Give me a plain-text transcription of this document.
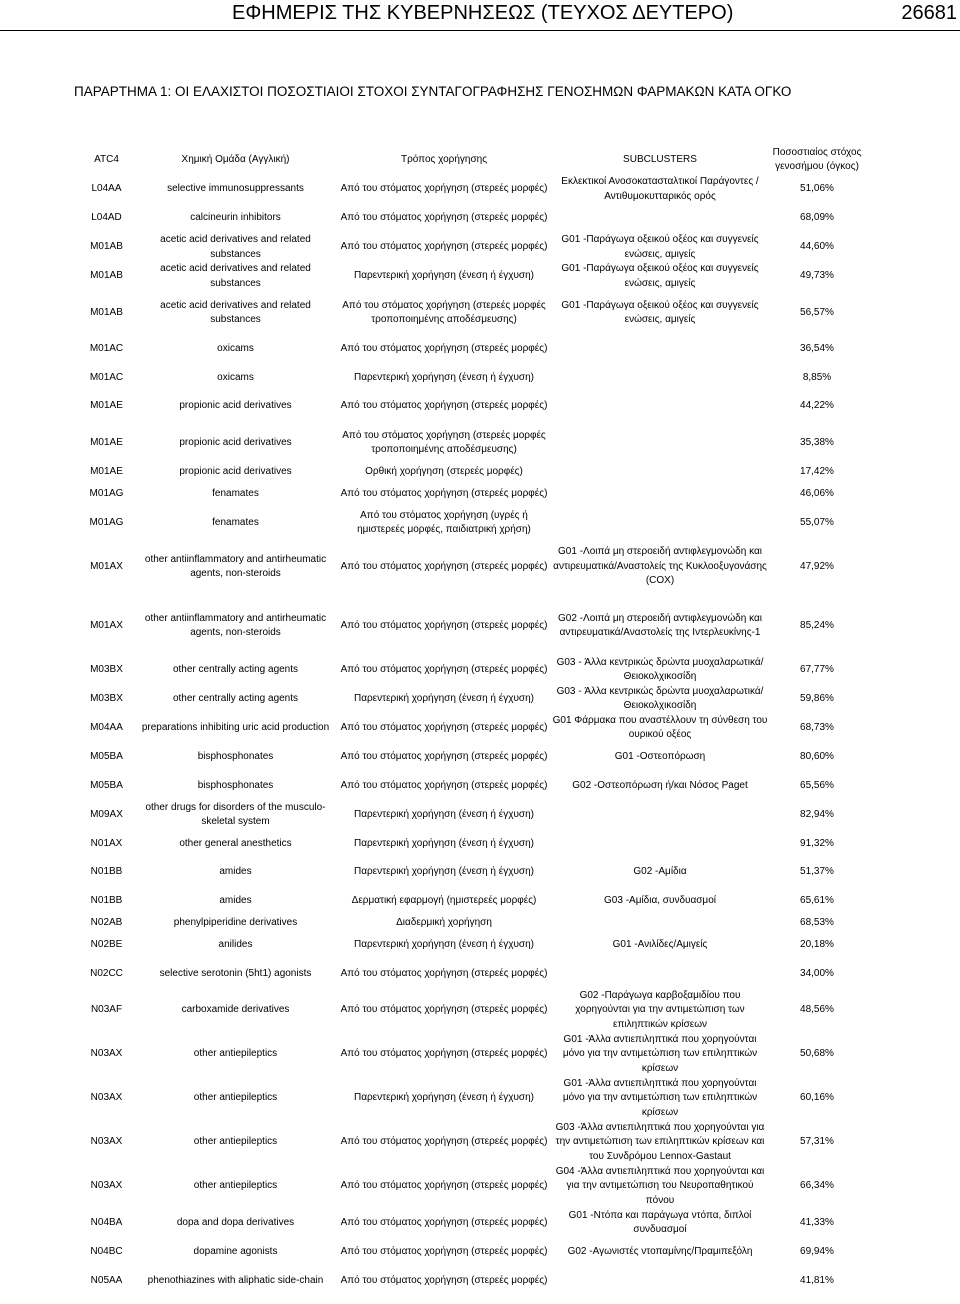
ΕΦΗΜΕΡΙΣ ΤΗΣ ΚΥΒΕΡΝΗΣΕΩΣ (ΤΕΥΧΟΣ ΔΕΥΤΕΡΟ)	26681
ΠΑΡΑΡΤΗΜΑ 1: ΟΙ ΕΛΑΧΙΣΤΟΙ ΠΟΣΟΣΤΙΑΙΟΙ ΣΤΟΧΟΙ ΣΥΝΤΑΓΟΓΡΑΦΗΣΗΣ ΓΕΝΟΣΗΜΩΝ ΦΑΡΜΑΚΩΝ ΚΑΤΑ ΟΓΚΟ
ATC4	Χημική Ομάδα (Αγγλική)	Τρόπος χορήγησης	SUBCLUSTERS	Ποσοστιαίος στόχος γενοσήμου (όγκος)
L04AA	selective immunosuppressants	Από του στόματος χορήγηση (στερεές μορφές)	Εκλεκτικοί Ανοσοκατασταλτικοί Παράγοντες / Αντιθυμοκυτταρικός ορός	51,06%
L04AD	calcineurin inhibitors	Από του στόματος χορήγηση (στερεές μορφές)		68,09%
M01AB	acetic acid derivatives and related substances	Από του στόματος χορήγηση (στερεές μορφές)	G01 -Παράγωγα οξεικού οξέος και συγγενείς ενώσεις, αμιγείς	44,60%
M01AB	acetic acid derivatives and related substances	Παρεντερική χορήγηση (ένεση ή έγχυση)	G01 -Παράγωγα οξεικού οξέος και συγγενείς ενώσεις, αμιγείς	49,73%
M01AB	acetic acid derivatives and related substances	Από του στόματος χορήγηση (στερεές μορφές τροποποιημένης αποδέσμευσης)	G01 -Παράγωγα οξεικού οξέος και συγγενείς ενώσεις, αμιγείς	56,57%
M01AC	oxicams	Από του στόματος χορήγηση (στερεές μορφές)		36,54%
M01AC	oxicams	Παρεντερική χορήγηση (ένεση ή έγχυση)		8,85%
M01AE	propionic acid derivatives	Από του στόματος χορήγηση (στερεές μορφές)		44,22%
M01AE	propionic acid derivatives	Από του στόματος χορήγηση (στερεές μορφές τροποποιημένης αποδέσμευσης)		35,38%
M01AE	propionic acid derivatives	Ορθική χορήγηση (στερεές μορφές)		17,42%
M01AG	fenamates	Από του στόματος χορήγηση (στερεές μορφές)		46,06%
M01AG	fenamates	Από του στόματος χορήγηση (υγρές ή ημιστερεές μορφές, παιδιατρική χρήση)		55,07%
M01AX	other antiinflammatory and antirheumatic agents, non-steroids	Από του στόματος χορήγηση (στερεές μορφές)	G01 -Λοιπά μη στεροειδή αντιφλεγμονώδη και αντιρευματικά/Αναστολείς της Κυκλοοξυγονάσης (COX)	47,92%
M01AX	other antiinflammatory and antirheumatic agents, non-steroids	Από του στόματος χορήγηση (στερεές μορφές)	G02 -Λοιπά μη στεροειδή αντιφλεγμονώδη και αντιρευματικά/Αναστολείς της Ιντερλευκίνης-1	85,24%
M03BX	other centrally acting agents	Από του στόματος χορήγηση (στερεές μορφές)	G03 - Άλλα κεντρικώς δρώντα μυοχαλαρωτικά/Θειοκολχικοσίδη	67,77%
M03BX	other centrally acting agents	Παρεντερική χορήγηση (ένεση ή έγχυση)	G03 - Άλλα κεντρικώς δρώντα μυοχαλαρωτικά/Θειοκολχικοσίδη	59,86%
M04AA	preparations inhibiting uric acid production	Από του στόματος χορήγηση (στερεές μορφές)	G01 Φάρμακα που αναστέλλουν τη σύνθεση του ουρικού οξέος	68,73%
M05BA	bisphosphonates	Από του στόματος χορήγηση (στερεές μορφές)	G01 -Οστεοπόρωση	80,60%
M05BA	bisphosphonates	Από του στόματος χορήγηση (στερεές μορφές)	G02 -Οστεοπόρωση ή/και Νόσος Paget	65,56%
M09AX	other drugs for disorders of the musculo-skeletal system	Παρεντερική χορήγηση (ένεση ή έγχυση)		82,94%
N01AX	other general anesthetics	Παρεντερική χορήγηση (ένεση ή έγχυση)		91,32%
N01BB	amides	Παρεντερική χορήγηση (ένεση ή έγχυση)	G02 -Αμίδια	51,37%
N01BB	amides	Δερματική εφαρμογή (ημιστερεές μορφές)	G03 -Αμίδια, συνδυασμοί	65,61%
N02AB	phenylpiperidine derivatives	Διαδερμική χορήγηση		68,53%
N02BE	anilides	Παρεντερική χορήγηση (ένεση ή έγχυση)	G01 -Ανιλίδες/Αμιγείς	20,18%
N02CC	selective serotonin (5ht1) agonists	Από του στόματος χορήγηση (στερεές μορφές)		34,00%
N03AF	carboxamide derivatives	Από του στόματος χορήγηση (στερεές μορφές)	G02 -Παράγωγα καρβοξαμιδίου που χορηγούνται για την αντιμετώπιση των επιληπτικών κρίσεων	48,56%
N03AX	other antiepileptics	Από του στόματος χορήγηση (στερεές μορφές)	G01 -Άλλα αντιεπιληπτικά που χορηγούνται μόνο για την αντιμετώπιση των επιληπτικών κρίσεων	50,68%
N03AX	other antiepileptics	Παρεντερική χορήγηση (ένεση ή έγχυση)	G01 -Άλλα αντιεπιληπτικά που χορηγούνται μόνο για την αντιμετώπιση των επιληπτικών κρίσεων	60,16%
N03AX	other antiepileptics	Από του στόματος χορήγηση (στερεές μορφές)	G03 -Άλλα αντιεπιληπτικά που χορηγούνται για την αντιμετώπιση των επιληπτικών κρίσεων και του Συνδρόμου Lennox-Gastaut	57,31%
N03AX	other antiepileptics	Από του στόματος χορήγηση (στερεές μορφές)	G04 -Άλλα αντιεπιληπτικά που χορηγούνται και για την αντιμετώπιση του Νευροπαθητικού πόνου	66,34%
N04BA	dopa and dopa derivatives	Από του στόματος χορήγηση (στερεές μορφές)	G01 -Ντόπα και παράγωγα ντόπα, διπλοί συνδυασμοί	41,33%
N04BC	dopamine agonists	Από του στόματος χορήγηση (στερεές μορφές)	G02 -Αγωνιστές ντοπαμίνης/Πραμιπεξόλη	69,94%
N05AA	phenothiazines with aliphatic side-chain	Από του στόματος χορήγηση (στερεές μορφές)		41,81%
